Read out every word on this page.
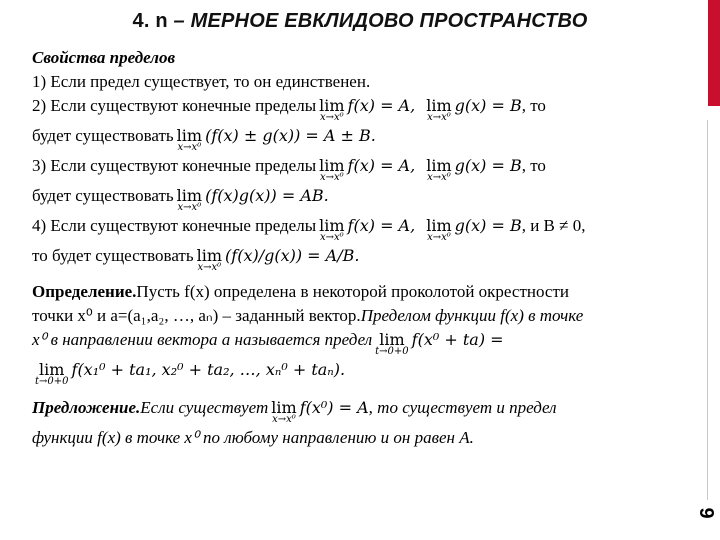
4. n – МЕРНОЕ ЕВКЛИДОВО ПРОСТРАНСТВО
9
Свойства пределов
1) Если предел существует, то он единственен.
2) Если существуют конечные пределы lim
x→x⁰
f(x) = A, lim
x→x⁰
g(x) = B , то
будет существовать lim
x→x⁰
(f(x) ± g(x)) = A ± B.
3) Если существуют конечные пределы lim
x→x⁰
f(x) = A, lim
x→x⁰
g(x) = B , то
будет существовать lim
x→x⁰
(f(x)g(x)) = AB.
4) Если существуют конечные пределы lim
x→x⁰
f(x) = A, lim
x→x⁰
g(x) = B , и B ≠ 0,
то будет существовать lim
x→x⁰
(f(x)/g(x)) = A/B.
Определение. Пусть f(x) определена в некоторой проколотой окрестности
точки x⁰ и a=(a₁,a₂, …, aₙ) – заданный вектор. Пределом функции f(x) в точке
x⁰ в направлении вектора a называется предел lim
t→0+0
f(x⁰ + ta) =
lim
t→0+0
f(x₁⁰ + ta₁, x₂⁰ + ta₂, …, xₙ⁰ + taₙ).
Предложение. Если существует lim
x→x⁰
f(x⁰) = A , то существует и предел
функции f(x) в точке x⁰ по любому направлению и он равен A.
